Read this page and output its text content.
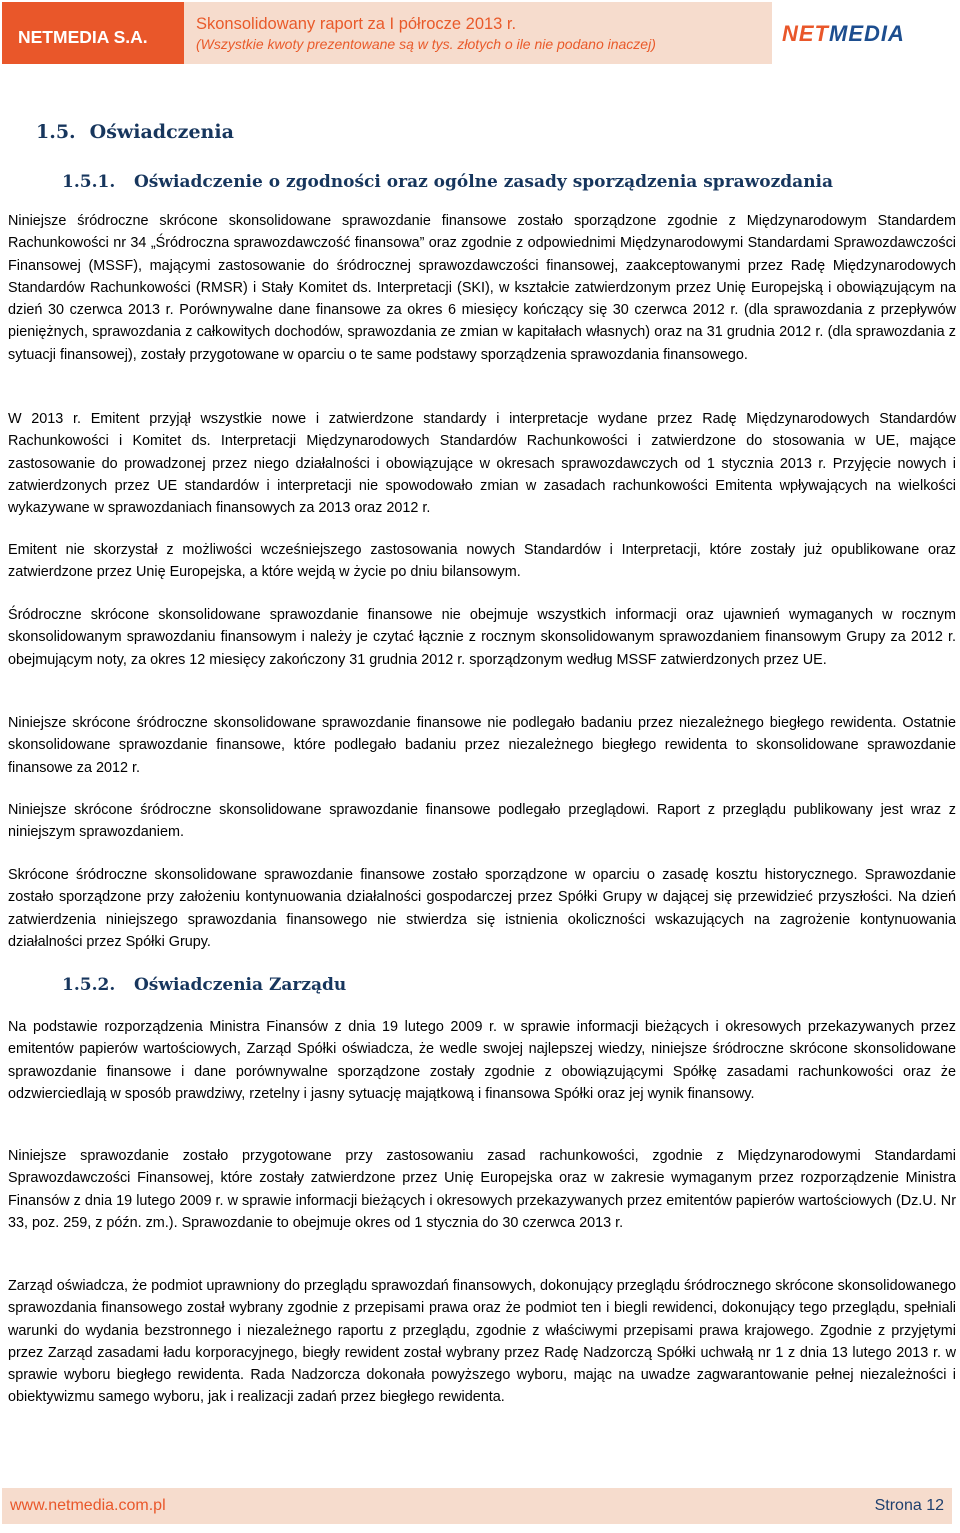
NETMEDIA S.A.
Skonsolidowany raport za I półrocze 2013 r.
(Wszystkie kwoty prezentowane są w tys. złotych o ile nie podano inaczej)	NET MEDIA
1.5. Oświadczenia
1.5.1. Oświadczenie o zgodności oraz ogólne zasady sporządzenia sprawozdania

Niniejsze śródroczne skrócone skonsolidowane sprawozdanie finansowe zostało sporządzone zgodnie z Międzynarodowym Standardem Rachunkowości nr 34 „Śródroczna sprawozdawczość finansowa” oraz zgodnie z odpowiednimi Międzynarodowymi Standardami Sprawozdawczości Finansowej (MSSF), mającymi zastosowanie do śródrocznej sprawozdawczości finansowej, zaakceptowanymi przez Radę Międzynarodowych Standardów Rachunkowości (RMSR) i Stały Komitet ds. Interpretacji (SKI), w kształcie zatwierdzonym przez Unię Europejską i obowiązującym na dzień 30 czerwca 2013 r. Porównywalne dane finansowe za okres 6 miesięcy kończący się 30 czerwca 2012 r. (dla sprawozdania z przepływów pieniężnych, sprawozdania z całkowitych dochodów, sprawozdania ze zmian w kapitałach własnych) oraz na 31 grudnia 2012 r. (dla sprawozdania z sytuacji finansowej), zostały przygotowane w oparciu o te same podstawy sporządzenia sprawozdania finansowego.

W 2013 r. Emitent przyjął wszystkie nowe i zatwierdzone standardy i interpretacje wydane przez Radę Międzynarodowych Standardów Rachunkowości i Komitet ds. Interpretacji Międzynarodowych Standardów Rachunkowości i zatwierdzone do stosowania w UE, mające zastosowanie do prowadzonej przez niego działalności i obowiązujące w okresach sprawozdawczych od 1 stycznia 2013 r. Przyjęcie nowych i zatwierdzonych przez UE standardów i interpretacji nie spowodowało zmian w zasadach rachunkowości Emitenta wpływających na wielkości wykazywane w sprawozdaniach finansowych za 2013 oraz 2012 r.

Emitent nie skorzystał z możliwości wcześniejszego zastosowania nowych Standardów i Interpretacji, które zostały już opublikowane oraz zatwierdzone przez Unię Europejska, a które wejdą w życie po dniu bilansowym.

Śródroczne skrócone skonsolidowane sprawozdanie finansowe nie obejmuje wszystkich informacji oraz ujawnień wymaganych w rocznym skonsolidowanym sprawozdaniu finansowym i należy je czytać łącznie z rocznym skonsolidowanym sprawozdaniem finansowym Grupy za 2012 r. obejmującym noty, za okres 12 miesięcy zakończony 31 grudnia 2012 r. sporządzonym według MSSF zatwierdzonych przez UE.

Niniejsze skrócone śródroczne skonsolidowane sprawozdanie finansowe nie podlegało badaniu przez niezależnego biegłego rewidenta. Ostatnie skonsolidowane sprawozdanie finansowe, które podlegało badaniu przez niezależnego biegłego rewidenta to skonsolidowane sprawozdanie finansowe za 2012 r.

Niniejsze skrócone śródroczne skonsolidowane sprawozdanie finansowe podlegało przeglądowi. Raport z przeglądu publikowany jest wraz z niniejszym sprawozdaniem.

Skrócone śródroczne skonsolidowane sprawozdanie finansowe zostało sporządzone w oparciu o zasadę kosztu historycznego. Sprawozdanie zostało sporządzone przy założeniu kontynuowania działalności gospodarczej przez Spółki Grupy w dającej się przewidzieć przyszłości. Na dzień zatwierdzenia niniejszego sprawozdania finansowego nie stwierdza się istnienia okoliczności wskazujących na zagrożenie kontynuowania działalności przez Spółki Grupy.

1.5.2. Oświadczenia Zarządu

Na podstawie rozporządzenia Ministra Finansów z dnia 19 lutego 2009 r. w sprawie informacji bieżących i okresowych przekazywanych przez emitentów papierów wartościowych, Zarząd Spółki oświadcza, że wedle swojej najlepszej wiedzy, niniejsze śródroczne skrócone skonsolidowane sprawozdanie finansowe i dane porównywalne sporządzone zostały zgodnie z obowiązującymi Spółkę zasadami rachunkowości oraz że odzwierciedlają w sposób prawdziwy, rzetelny i jasny sytuację majątkową i finansowa Spółki oraz jej wynik finansowy.

Niniejsze sprawozdanie zostało przygotowane przy zastosowaniu zasad rachunkowości, zgodnie z Międzynarodowymi Standardami Sprawozdawczości Finansowej, które zostały zatwierdzone przez Unię Europejska oraz w zakresie wymaganym przez rozporządzenie Ministra Finansów z dnia 19 lutego 2009 r. w sprawie informacji bieżących i okresowych przekazywanych przez emitentów papierów wartościowych (Dz.U. Nr 33, poz. 259, z późn. zm.). Sprawozdanie to obejmuje okres od 1 stycznia do 30 czerwca 2013 r.

Zarząd oświadcza, że podmiot uprawniony do przeglądu sprawozdań finansowych, dokonujący przeglądu śródrocznego skrócone skonsolidowanego sprawozdania finansowego został wybrany zgodnie z przepisami prawa oraz że podmiot ten i biegli rewidenci, dokonujący tego przeglądu, spełniali warunki do wydania bezstronnego i niezależnego raportu z przeglądu, zgodnie z właściwymi przepisami prawa krajowego. Zgodnie z przyjętymi przez Zarząd zasadami ładu korporacyjnego, biegły rewident został wybrany przez Radę Nadzorczą Spółki uchwałą nr 1 z dnia 13 lutego 2013 r. w sprawie wyboru biegłego rewidenta. Rada Nadzorcza dokonała powyższego wyboru, mając na uwadze zagwarantowanie pełnej niezależności i obiektywizmu samego wyboru, jak i realizacji zadań przez biegłego rewidenta.

www.netmedia.com.pl	Strona 12
